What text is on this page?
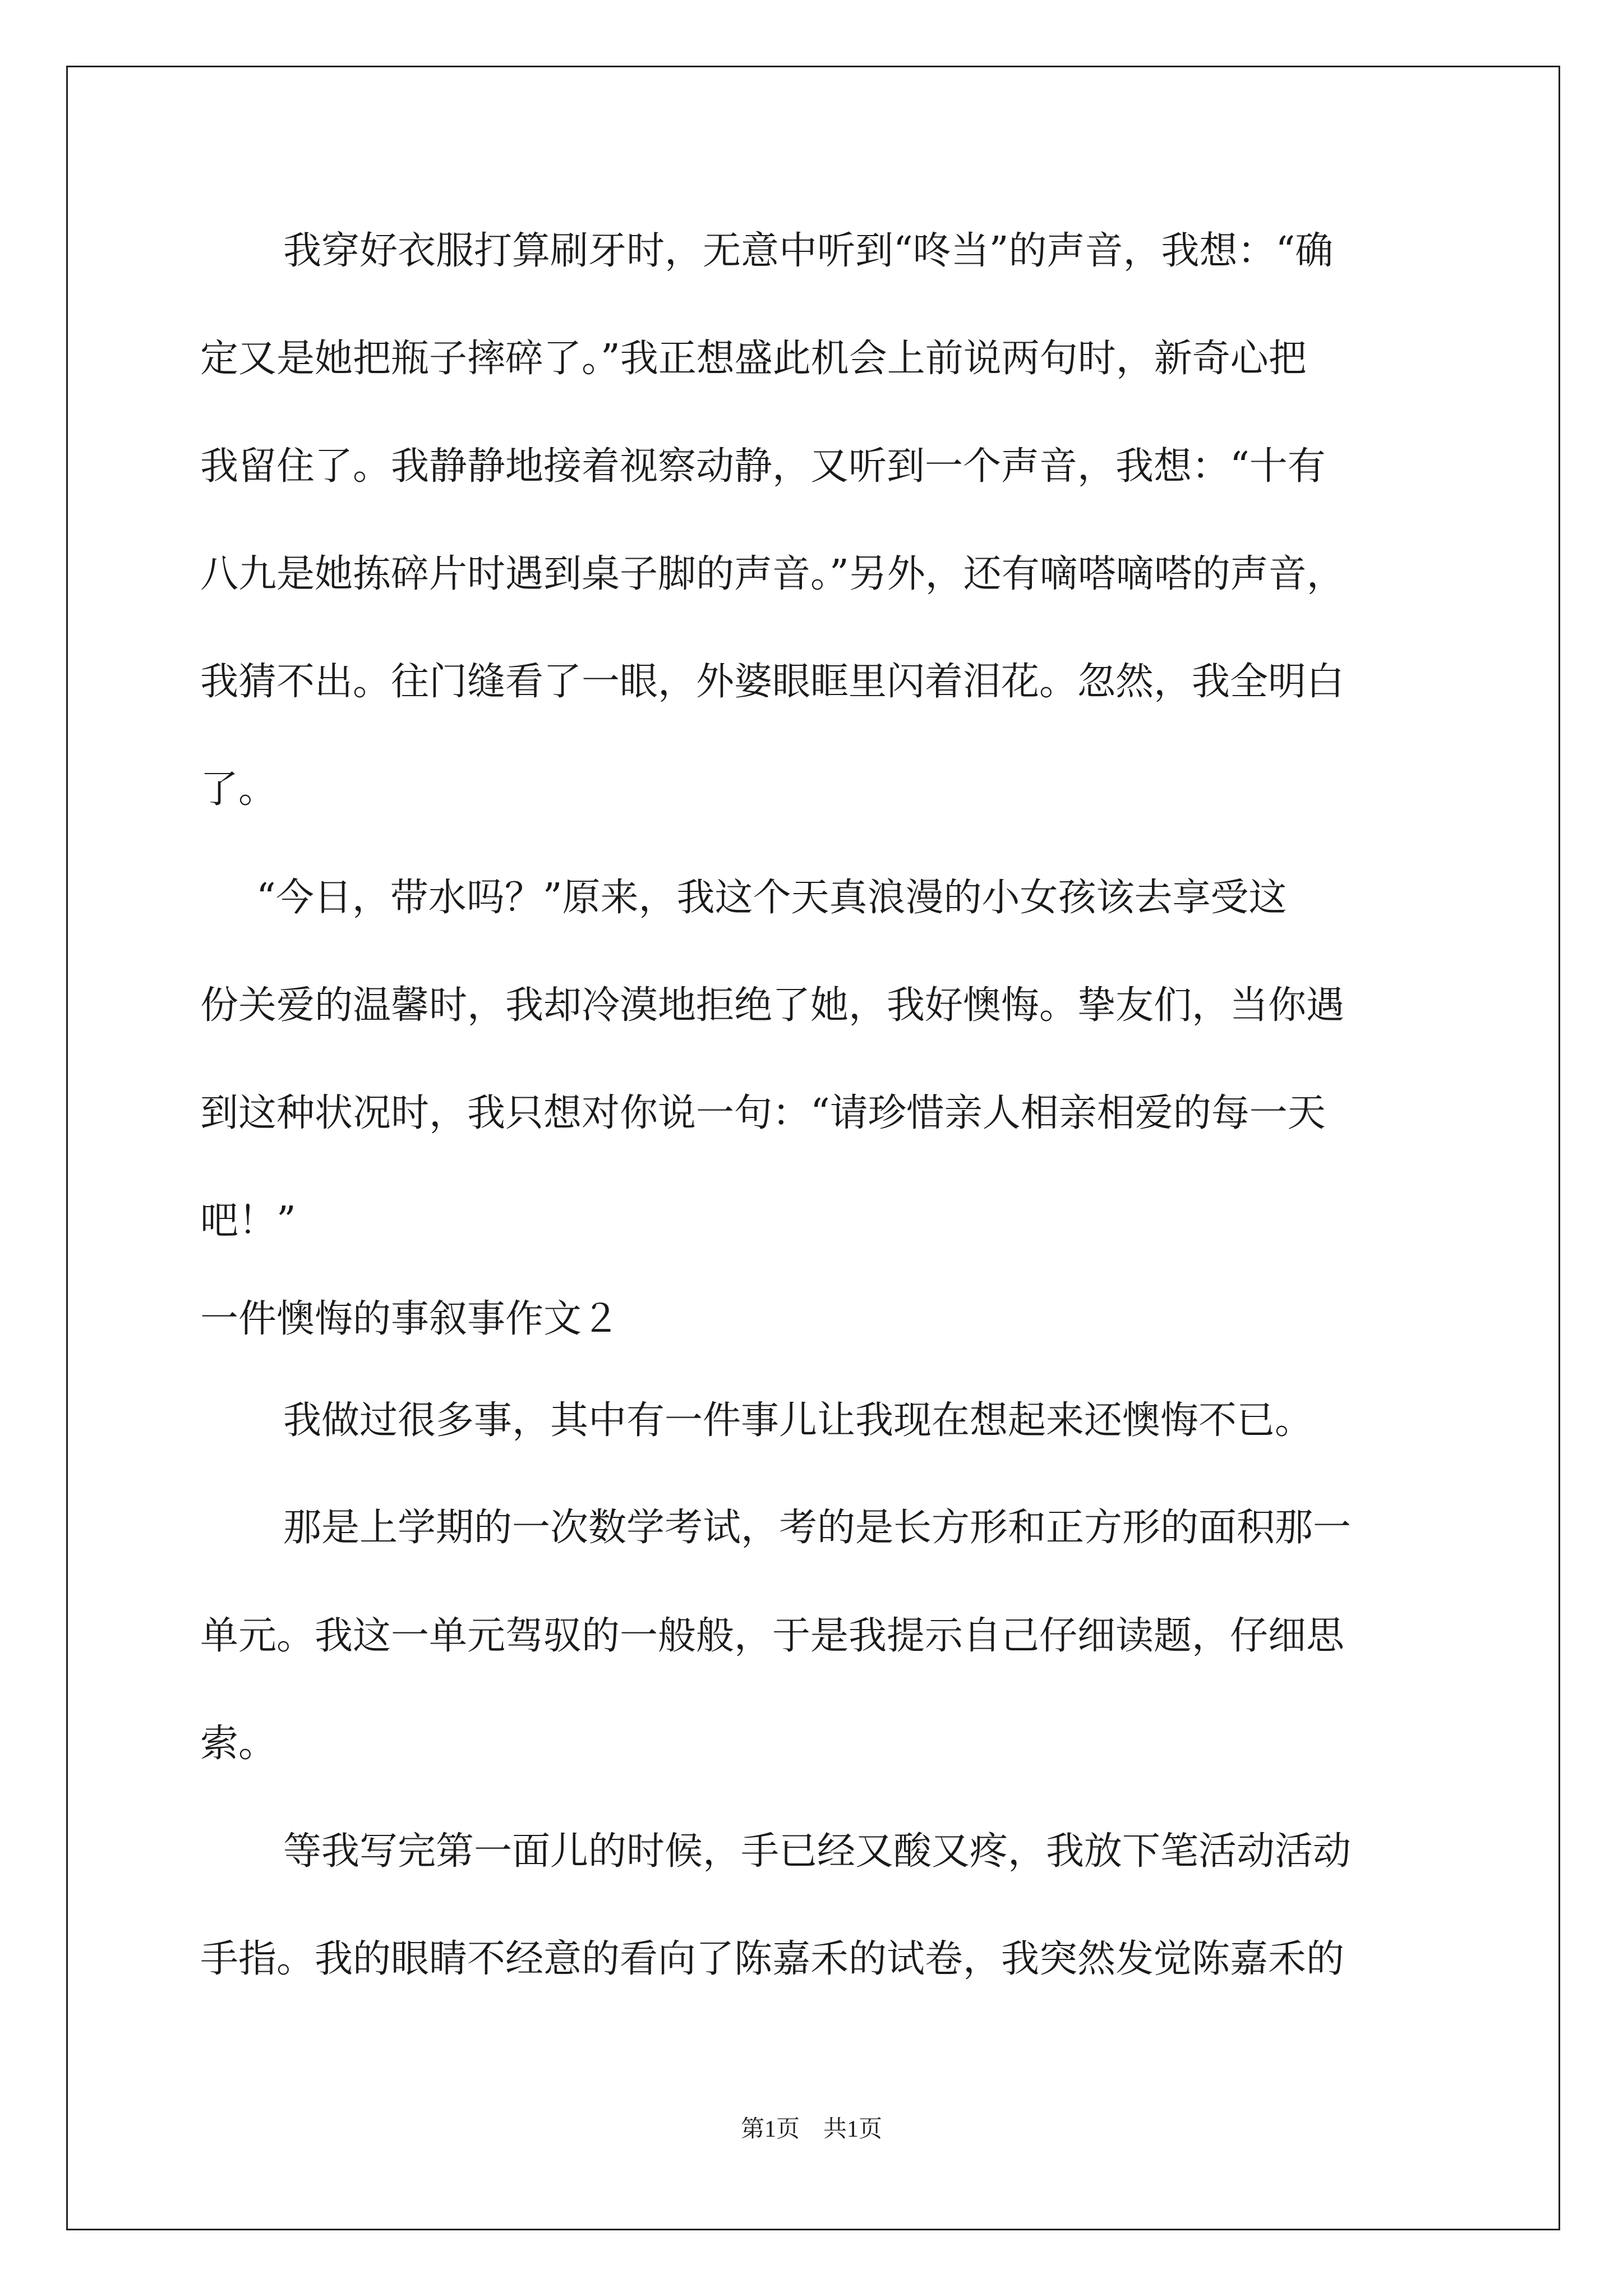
我穿好衣服打算刷牙时，无意中听到“咚当”的声音，我想：“确
定又是她把瓶子摔碎了。”我正想盛此机会上前说两句时，新奇心把
我留住了。我静静地接着视察动静，又听到一个声音，我想：“十有
八九是她拣碎片时遇到桌子脚的声音。”另外，还有嘀嗒嘀嗒的声音，
我猜不出。往门缝看了一眼，外婆眼眶里闪着泪花。忽然，我全明白
了。
“今日，带水吗？”原来，我这个天真浪漫的小女孩该去享受这
份关爱的温馨时，我却冷漠地拒绝了她，我好懊悔。挚友们，当你遇
到这种状况时，我只想对你说一句：“请珍惜亲人相亲相爱的每一天
吧！”
一件懊悔的事叙事作文２
我做过很多事，其中有一件事儿让我现在想起来还懊悔不已。
那是上学期的一次数学考试，考的是长方形和正方形的面积那一
单元。我这一单元驾驭的一般般，于是我提示自己仔细读题，仔细思
索。
等我写完第一面儿的时候，手已经又酸又疼，我放下笔活动活动
手指。我的眼睛不经意的看向了陈嘉禾的试卷，我突然发觉陈嘉禾的
第1页　共1页
